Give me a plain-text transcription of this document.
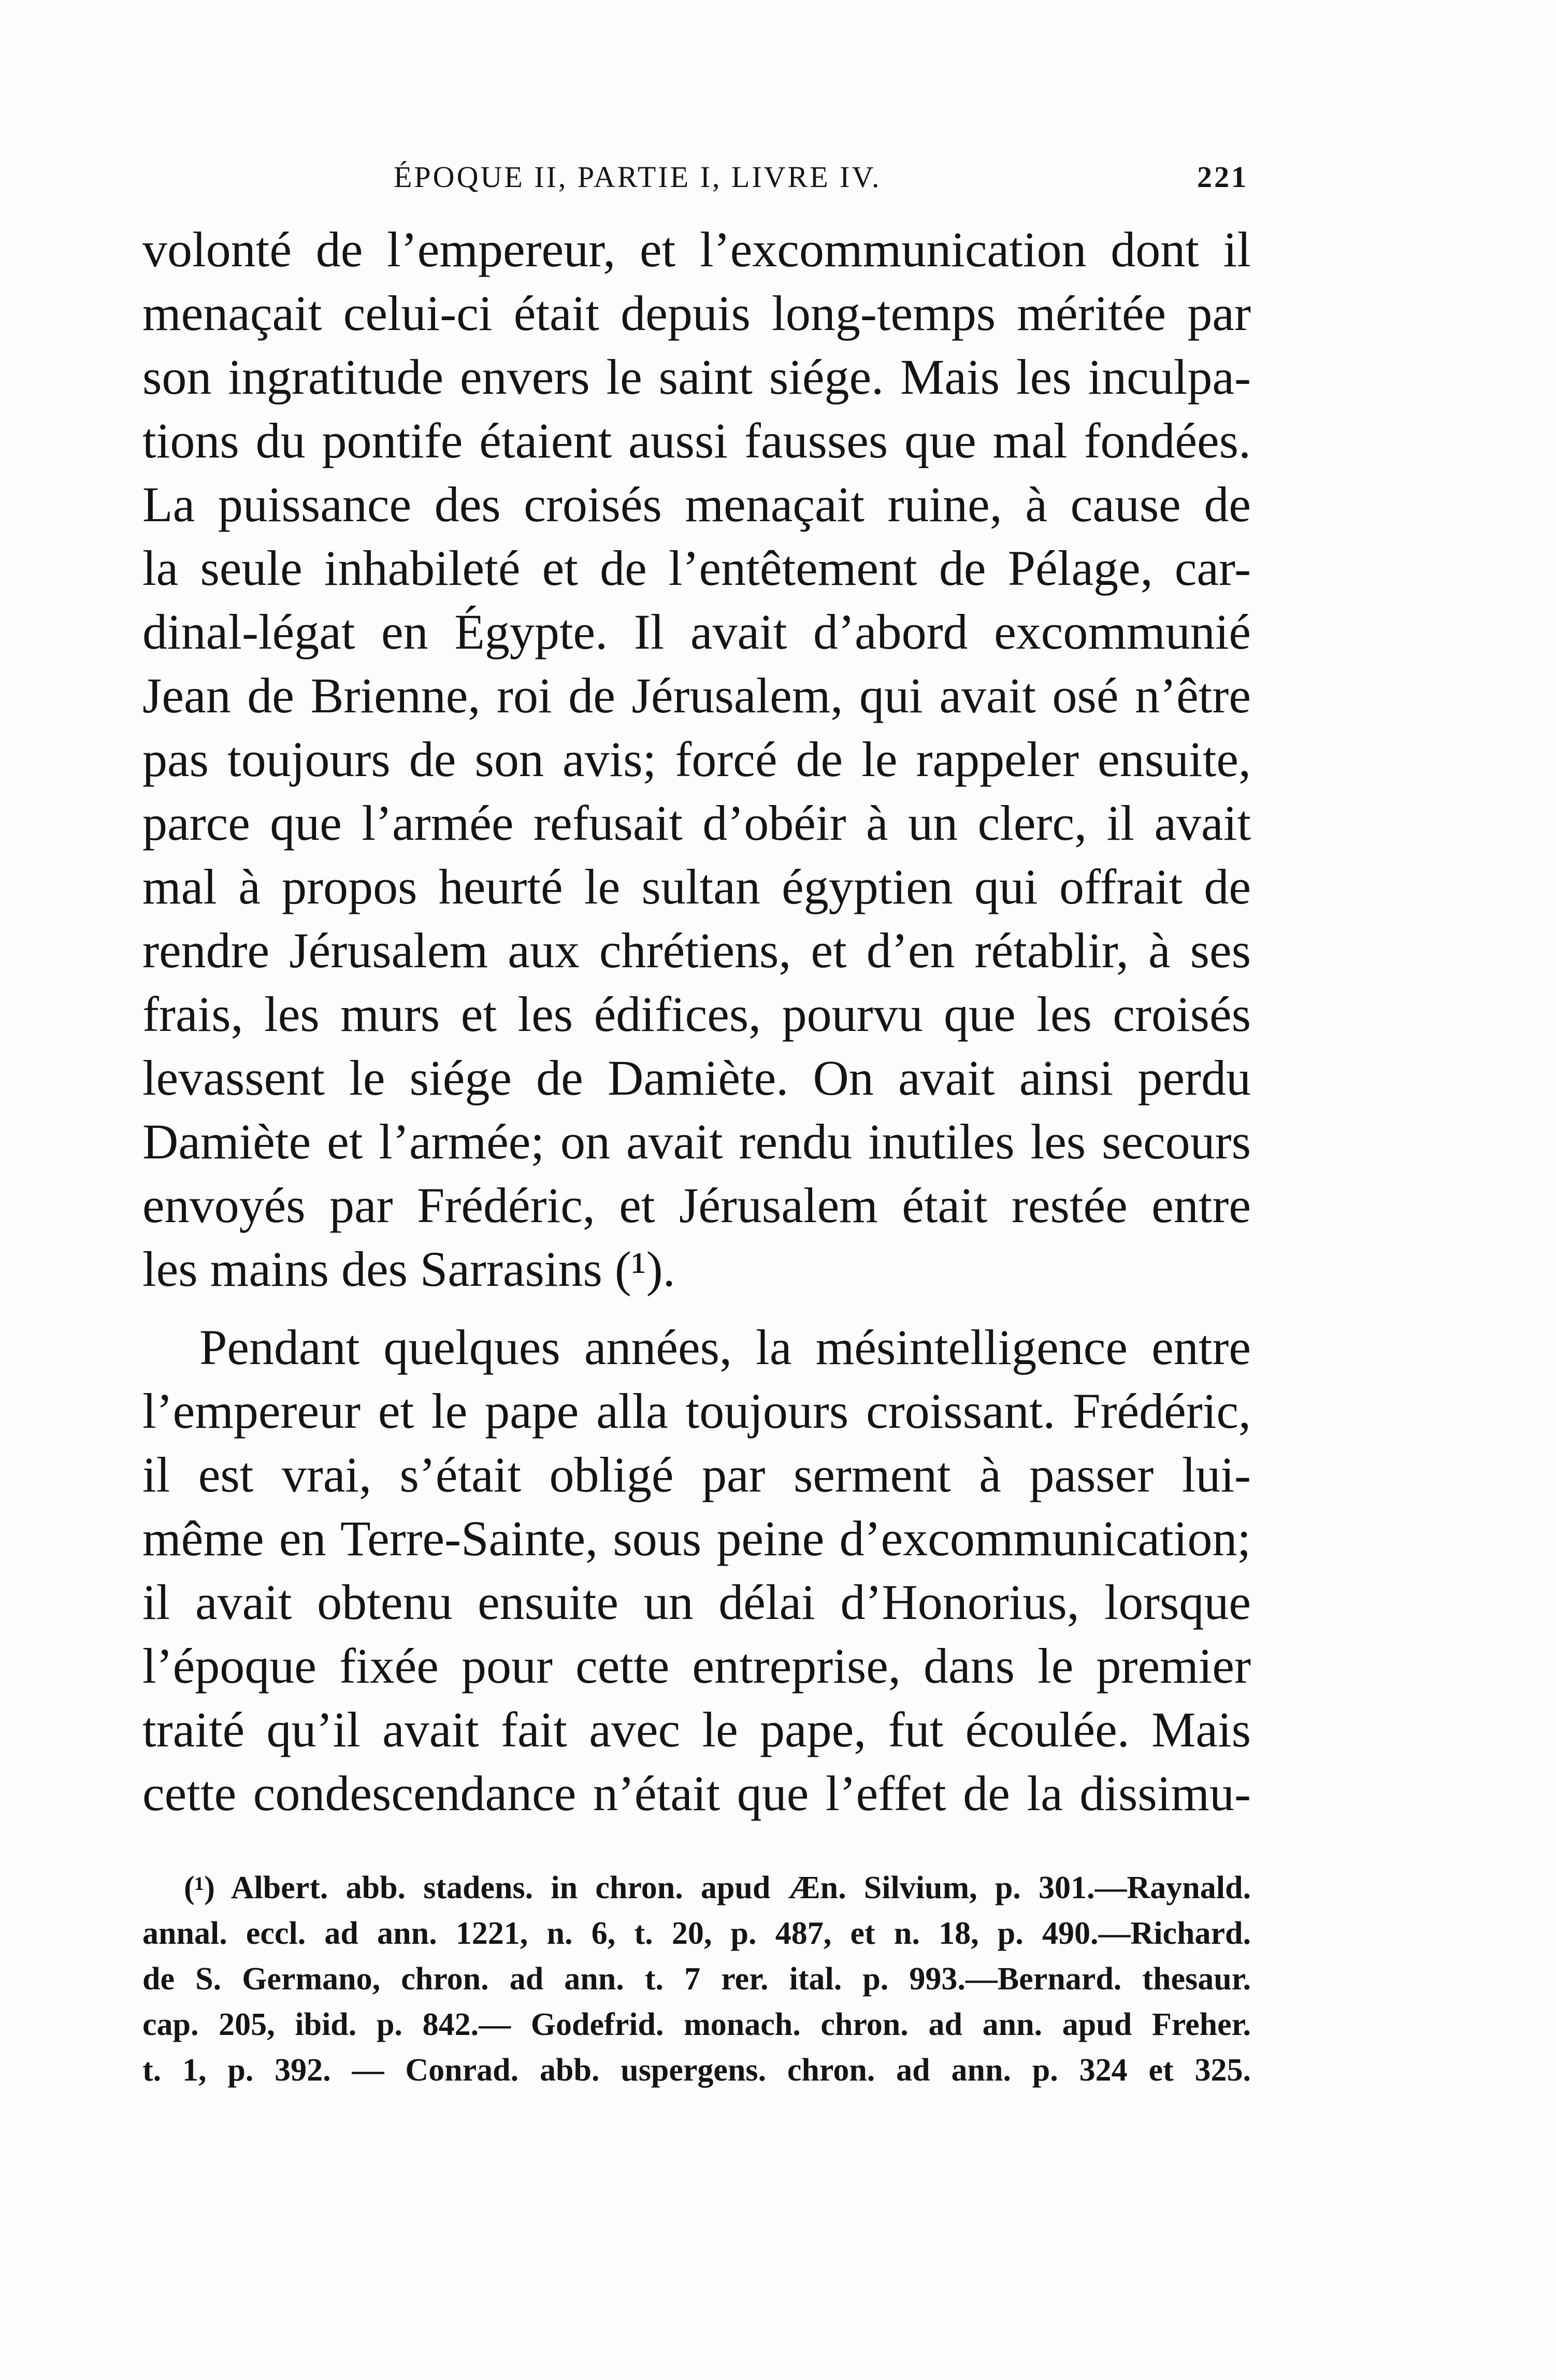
ÉPOQUE II, PARTIE I, LIVRE IV.	221
volonté de l’empereur, et l’excommunication dont il
menaçait celui-ci était depuis long-temps méritée par
son ingratitude envers le saint siége. Mais les inculpa-
tions du pontife étaient aussi fausses que mal fondées.
La puissance des croisés menaçait ruine, à cause de
la seule inhabileté et de l’entêtement de Pélage, car-
dinal-légat en Égypte. Il avait d’abord excommunié
Jean de Brienne, roi de Jérusalem, qui avait osé n’être
pas toujours de son avis; forcé de le rappeler ensuite,
parce que l’armée refusait d’obéir à un clerc, il avait
mal à propos heurté le sultan égyptien qui offrait de
rendre Jérusalem aux chrétiens, et d’en rétablir, à ses
frais, les murs et les édifices, pourvu que les croisés
levassent le siége de Damiète. On avait ainsi perdu
Damiète et l’armée; on avait rendu inutiles les secours
envoyés par Frédéric, et Jérusalem était restée entre
les mains des Sarrasins (¹).
Pendant quelques années, la mésintelligence entre
l’empereur et le pape alla toujours croissant. Frédéric,
il est vrai, s’était obligé par serment à passer lui-
même en Terre-Sainte, sous peine d’excommunication;
il avait obtenu ensuite un délai d’Honorius, lorsque
l’époque fixée pour cette entreprise, dans le premier
traité qu’il avait fait avec le pape, fut écoulée. Mais
cette condescendance n’était que l’effet de la dissimu-
(¹) Albert. abb. stadens. in chron. apud Æn. Silvium, p. 301.—Raynald.
annal. eccl. ad ann. 1221, n. 6, t. 20, p. 487, et n. 18, p. 490.—Richard.
de S. Germano, chron. ad ann. t. 7 rer. ital. p. 993.—Bernard. thesaur.
cap. 205, ibid. p. 842.— Godefrid. monach. chron. ad ann. apud Freher.
t. 1, p. 392. — Conrad. abb. uspergens. chron. ad ann. p. 324 et 325.
